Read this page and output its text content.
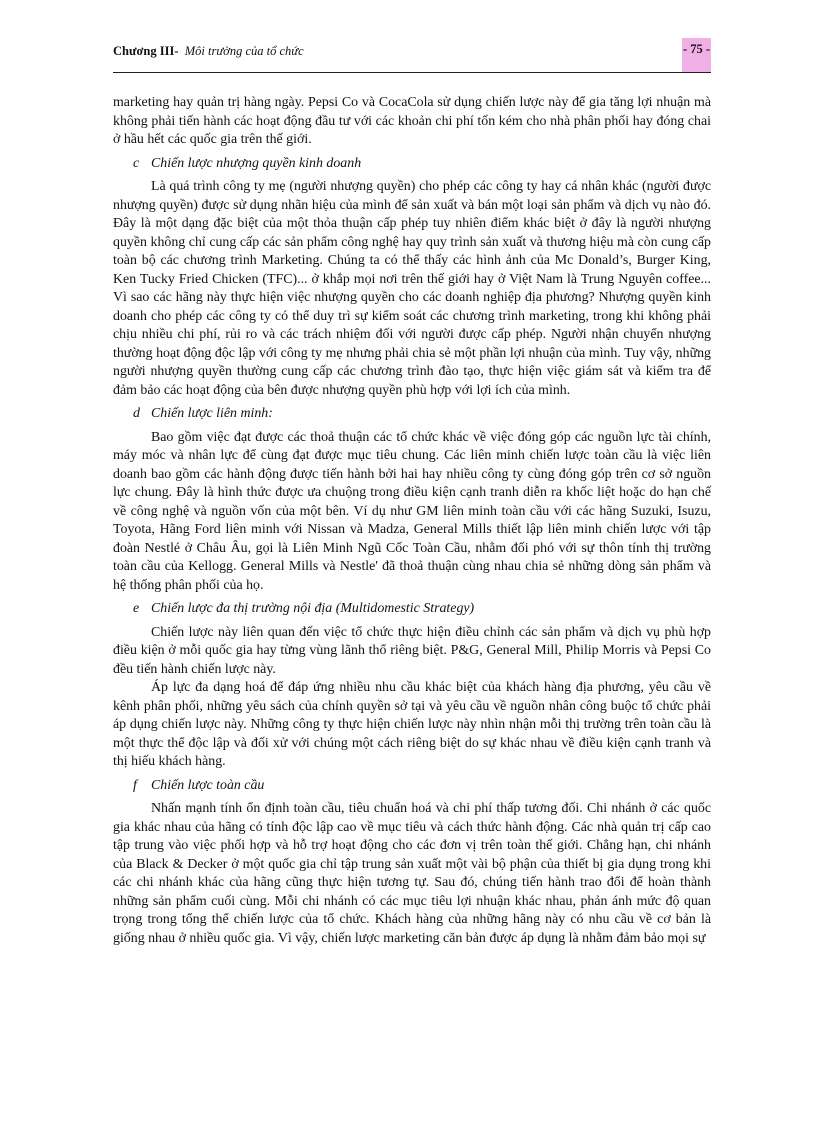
Chương III- Môi trường của tổ chức	- 75 -

marketing hay quản trị hàng ngày. Pepsi Co và CocaCola sử dụng chiến lược này để gia tăng lợi nhuận mà không phải tiến hành các hoạt động đầu tư với các khoản chi phí tốn kém cho nhà phân phối hay đóng chai ở hầu hết các quốc gia trên thế giới.

c Chiến lược nhượng quyền kinh doanh

Là quá trình công ty mẹ (người nhượng quyền) cho phép các công ty hay cá nhân khác (người được nhượng quyền) được sử dụng nhãn hiệu của mình để sản xuất và bán một loại sản phẩm và dịch vụ nào đó. Đây là một dạng đặc biệt của một thỏa thuận cấp phép tuy nhiên điểm khác biệt ở đây là người nhượng quyền không chỉ cung cấp các sản phẩm công nghệ hay quy trình sản xuất và thương hiệu mà còn cung cấp toàn bộ các chương trình Marketing. Chúng ta có thể thấy các hình ảnh của Mc Donald’s, Burger King, Ken Tucky Fried Chicken (TFC)... ở khắp mọi nơi trên thế giới hay ở Việt Nam là Trung Nguyên coffee... Vì sao các hãng này thực hiện việc nhượng quyền cho các doanh nghiệp địa phương? Nhượng quyền kinh doanh cho phép các công ty có thể duy trì sự kiểm soát các chương trình marketing, trong khi không phải chịu nhiều chi phí, rủi ro và các trách nhiệm đối với người được cấp phép. Người nhận chuyển nhượng thường hoạt động độc lập với công ty mẹ nhưng phải chia sẻ một phần lợi nhuận của mình. Tuy vậy, những người nhượng quyền thường cung cấp các chương trình đào tạo, thực hiện việc giám sát và kiểm tra để đảm bảo các hoạt động của bên được nhượng quyền phù hợp với lợi ích của mình.

d Chiến lược liên minh:

Bao gồm việc đạt được các thoả thuận các tổ chức khác về việc đóng góp các nguồn lực tài chính, máy móc và nhân lực để cùng đạt được mục tiêu chung. Các liên minh chiến lược toàn cầu là việc liên doanh bao gồm các hành động được tiến hành bởi hai hay nhiều công ty cùng đóng góp trên cơ sở nguồn lực chung. Đây là hình thức được ưa chuộng trong điều kiện cạnh tranh diễn ra khốc liệt hoặc do hạn chế về công nghệ và nguồn vốn của một bên. Ví dụ như GM liên minh toàn cầu với các hãng Suzuki, Isuzu, Toyota, Hãng Ford liên minh với Nissan và Madza, General Mills thiết lập liên minh chiến lược với tập đoàn Nestlé ở Châu Âu, gọi là Liên Minh Ngũ Cốc Toàn Cầu, nhằm đối phó với sự thôn tính thị trường toàn cầu của Kellogg. General Mills và Nestle' đã thoả thuận cùng nhau chia sẻ những dòng sản phẩm và hệ thống phân phối của họ.

e Chiến lược đa thị trường nội địa (Multidomestic Strategy)

Chiến lược này liên quan đến việc tổ chức thực hiện điều chỉnh các sản phẩm và dịch vụ phù hợp điều kiện ở mỗi quốc gia hay từng vùng lãnh thổ riêng biệt. P&G, General Mill, Philip Morris và Pepsi Co đều tiến hành chiến lược này.

Áp lực đa dạng hoá để đáp ứng nhiều nhu cầu khác biệt của khách hàng địa phương, yêu cầu về kênh phân phối, những yêu sách của chính quyền sở tại và yêu cầu về nguồn nhân công buộc tổ chức phải áp dụng chiến lược này. Những công ty thực hiện chiến lược này nhìn nhận mỗi thị trường trên toàn cầu là một thực thể độc lập và đối xử với chúng một cách riêng biệt do sự khác nhau về điều kiện cạnh tranh và thị hiếu khách hàng.

f Chiến lược toàn cầu

Nhấn mạnh tính ổn định toàn cầu, tiêu chuẩn hoá và chi phí thấp tương đối. Chi nhánh ở các quốc gia khác nhau của hãng có tính độc lập cao về mục tiêu và cách thức hành động. Các nhà quản trị cấp cao tập trung vào việc phối hợp và hỗ trợ hoạt động cho các đơn vị trên toàn thế giới. Chẳng hạn, chi nhánh của Black & Decker ở một quốc gia chỉ tập trung sản xuất một vài bộ phận của thiết bị gia dụng trong khi các chi nhánh khác của hãng cũng thực hiện tương tự. Sau đó, chúng tiến hành trao đổi để hoàn thành những sản phẩm cuối cùng. Mỗi chi nhánh có các mục tiêu lợi nhuận khác nhau, phản ánh mức độ quan trọng trong tổng thể chiến lược của tổ chức. Khách hàng của những hãng này có nhu cầu về cơ bản là giống nhau ở nhiều quốc gia. Vì vậy, chiến lược marketing căn bản được áp dụng là nhằm đảm bảo mọi sự
